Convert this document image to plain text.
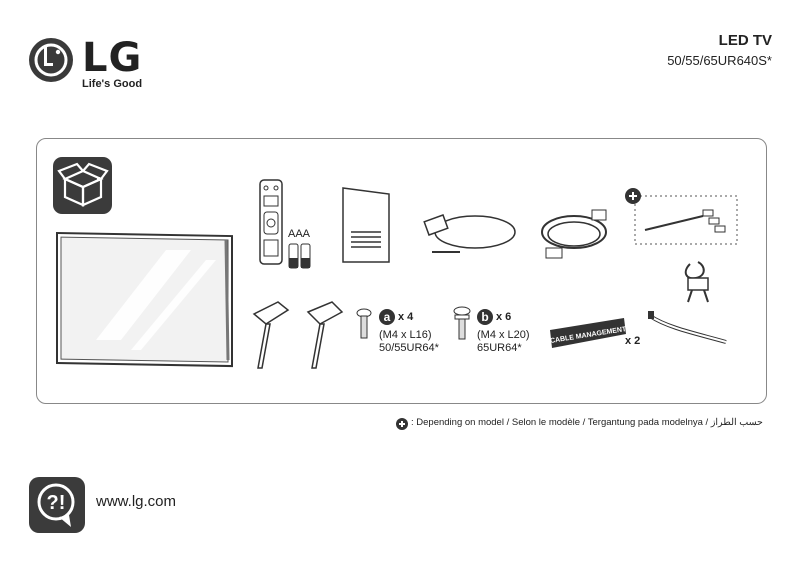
LG
Life's Good
LED TV
50/55/65UR640S*
AAA
a x 4
(M4 x L16)
50/55UR64*
b x 6
(M4 x L20)
65UR64*
CABLE MANAGEMENT
x 2
: Depending on model / Selon le modèle / Tergantung pada modelnya / حسب الطراز
?! www.lg.com
